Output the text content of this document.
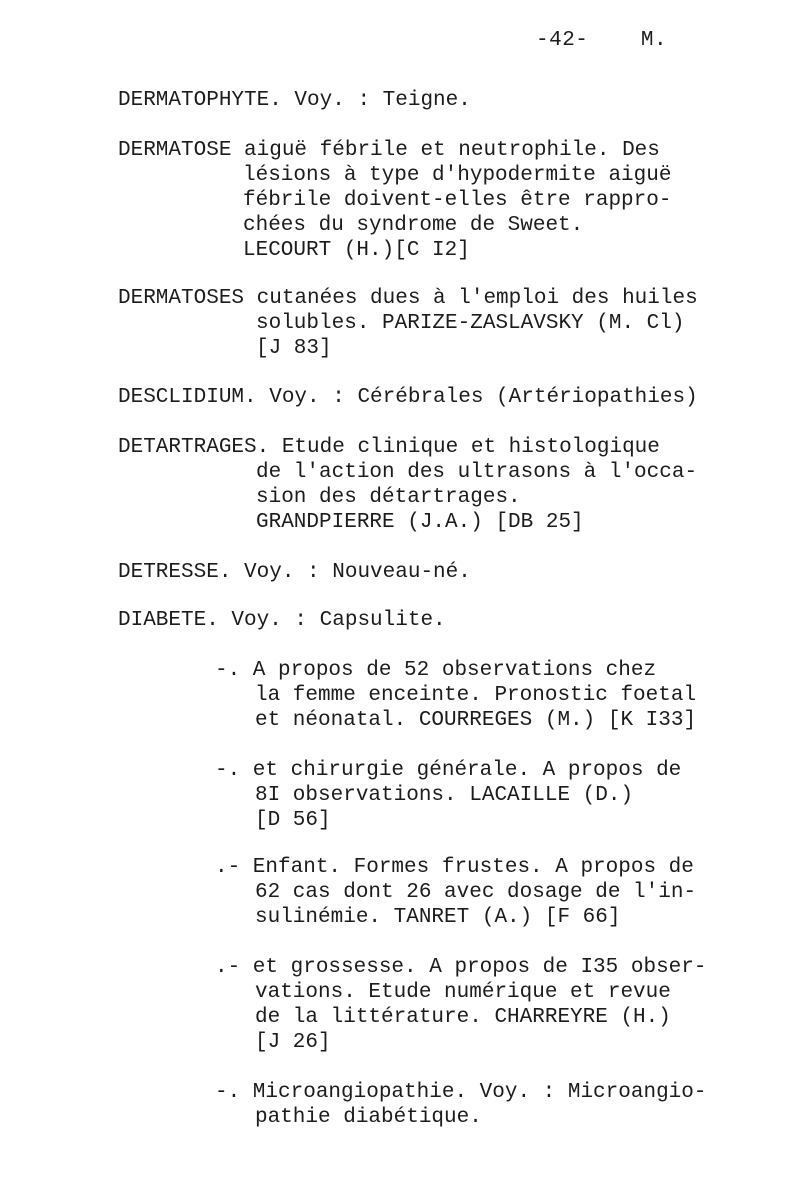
-42- M.
DERMATOPHYTE. Voy. : Teigne.
DERMATOSE aiguë fébrile et neutrophile. Des
lésions à type d'hypodermite aiguë
fébrile doivent-elles être rappro-
chées du syndrome de Sweet.
LECOURT (H.)[C I2]
DERMATOSES cutanées dues à l'emploi des huiles
solubles. PARIZE-ZASLAVSKY (M. Cl)
[J 83]
DESCLIDIUM. Voy. : Cérébrales (Artériopathies)
DETARTRAGES. Etude clinique et histologique
de l'action des ultrasons à l'occa-
sion des détartrages.
GRANDPIERRE (J.A.) [DB 25]
DETRESSE. Voy. : Nouveau-né.
DIABETE. Voy. : Capsulite.
-. A propos de 52 observations chez
la femme enceinte. Pronostic foetal
et néonatal. COURREGES (M.) [K I33]
-. et chirurgie générale. A propos de
8I observations. LACAILLE (D.)
[D 56]
.- Enfant. Formes frustes. A propos de
62 cas dont 26 avec dosage de l'in-
sulinémie. TANRET (A.) [F 66]
.- et grossesse. A propos de I35 obser-
vations. Etude numérique et revue
de la littérature. CHARREYRE (H.)
[J 26]
-. Microangiopathie. Voy. : Microangio-
pathie diabétique.
